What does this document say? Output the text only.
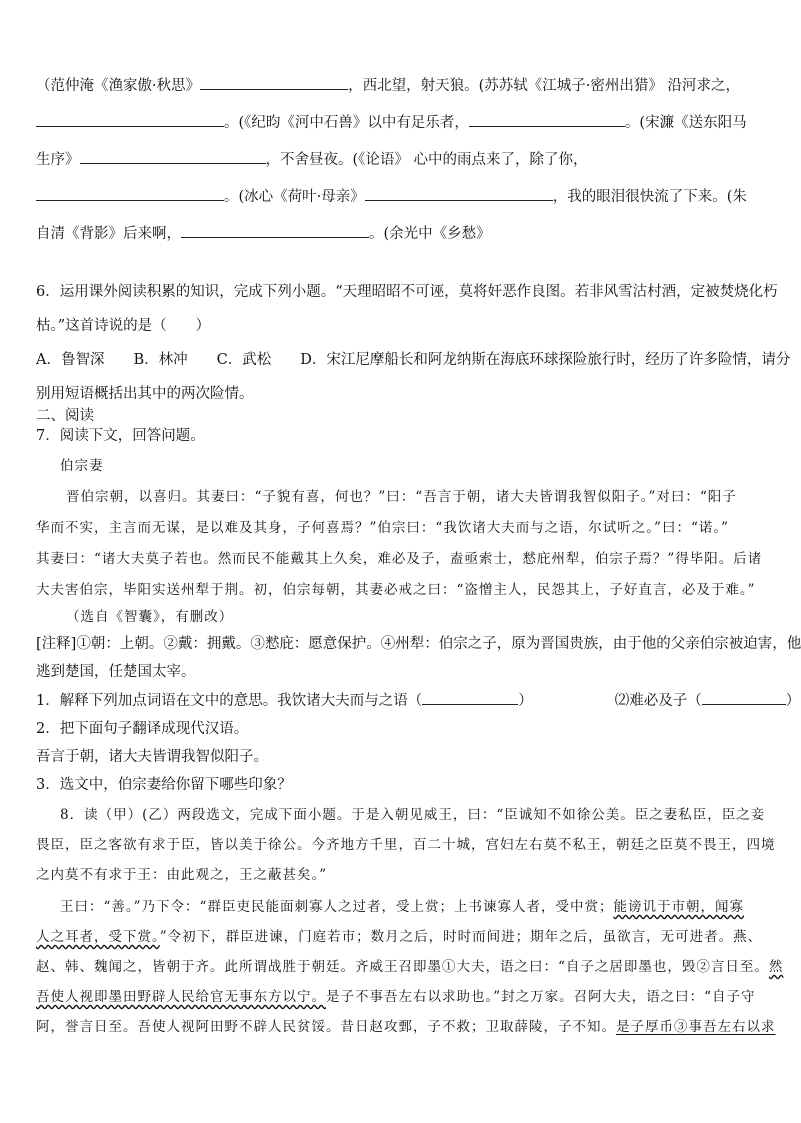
（范仲淹《渔家傲·秋思》	，西北望，射天狼。(苏苏轼《江城子·密州出猎》 沿河求之，
。(《纪昀《河中石兽》以中有足乐者，	。(宋濂《送东阳马
生序》	，不舍昼夜。(《论语》 心中的雨点来了，除了你，
。(冰心《荷叶·母亲》	，我的眼泪很快流了下来。(朱
自清《背影》后来啊，	。(余光中《乡愁》
6．运用课外阅读积累的知识，完成下列小题。“天理昭昭不可诬，莫将奸恶作良图。若非风雪沽村酒，定被焚烧化朽
枯。”这首诗说的是（　　）
A．鲁智深　　B．林冲　　C．武松　　D．宋江尼摩船长和阿龙纳斯在海底环球探险旅行时，经历了许多险情，请分
别用短语概括出其中的两次险情。
二、阅读
7．阅读下文，回答问题。
伯宗妻
晋伯宗朝，以喜归。其妻曰：“子貌有喜，何也？”曰：“吾言于朝，诸大夫皆谓我智似阳子。”对曰：“阳子
华而不实，主言而无谋，是以难及其身，子何喜焉？”伯宗曰：“我饮诸大夫而与之语，尔试听之。”曰：“诺。”
其妻曰：“诸大夫莫子若也。然而民不能戴其上久矣，难必及子，盍亟索士，慭庇州犁，伯宗子焉？”得毕阳。后诸
大夫害伯宗，毕阳实送州犁于荆。初，伯宗每朝，其妻必戒之曰：“盗憎主人，民怨其上，子好直言，必及于难。”
（选自《智囊》，有删改）
[注释]①朝：上朝。②戴：拥戴。③慭庇：愿意保护。④州犁：伯宗之子，原为晋国贵族，由于他的父亲伯宗被迫害，他
逃到楚国，任楚国太宰。
1．解释下列加点词语在文中的意思。我饮诸大夫而与之语（	）	⑵难必及子（	）
2．把下面句子翻译成现代汉语。
吾言于朝，诸大夫皆谓我智似阳子。
3．选文中，伯宗妻给你留下哪些印象？
8．读（甲）(乙）两段选文，完成下面小题。于是入朝见威王，曰：“臣诚知不如徐公美。臣之妻私臣，臣之妾
畏臣，臣之客欲有求于臣，皆以美于徐公。今齐地方千里，百二十城，宫妇左右莫不私王，朝廷之臣莫不畏王，四境
之内莫不有求于王：由此观之，王之蔽甚矣。”
王曰：“善。”乃下令：“群臣吏民能面刺寡人之过者，受上赏；上书谏寡人者，受中赏；能谤讥于市朝，闻寡
人之耳者，受下赏。”令初下，群臣进谏，门庭若市；数月之后，时时而间进；期年之后，虽欲言，无可进者。燕、
赵、韩、魏闻之，皆朝于齐。此所谓战胜于朝廷。齐威王召即墨①大夫，语之曰：“自子之居即墨也，毁②言日至。然
吾使人视即墨田野辟人民给官无事东方以宁。是子不事吾左右以求助也。”封之万家。召阿大夫，语之曰：“自子守
阿，誉言日至。吾使人视阿田野不辟人民贫馁。昔日赵攻鄄，子不救；卫取薛陵，子不知。是子厚币③事吾左右以求
